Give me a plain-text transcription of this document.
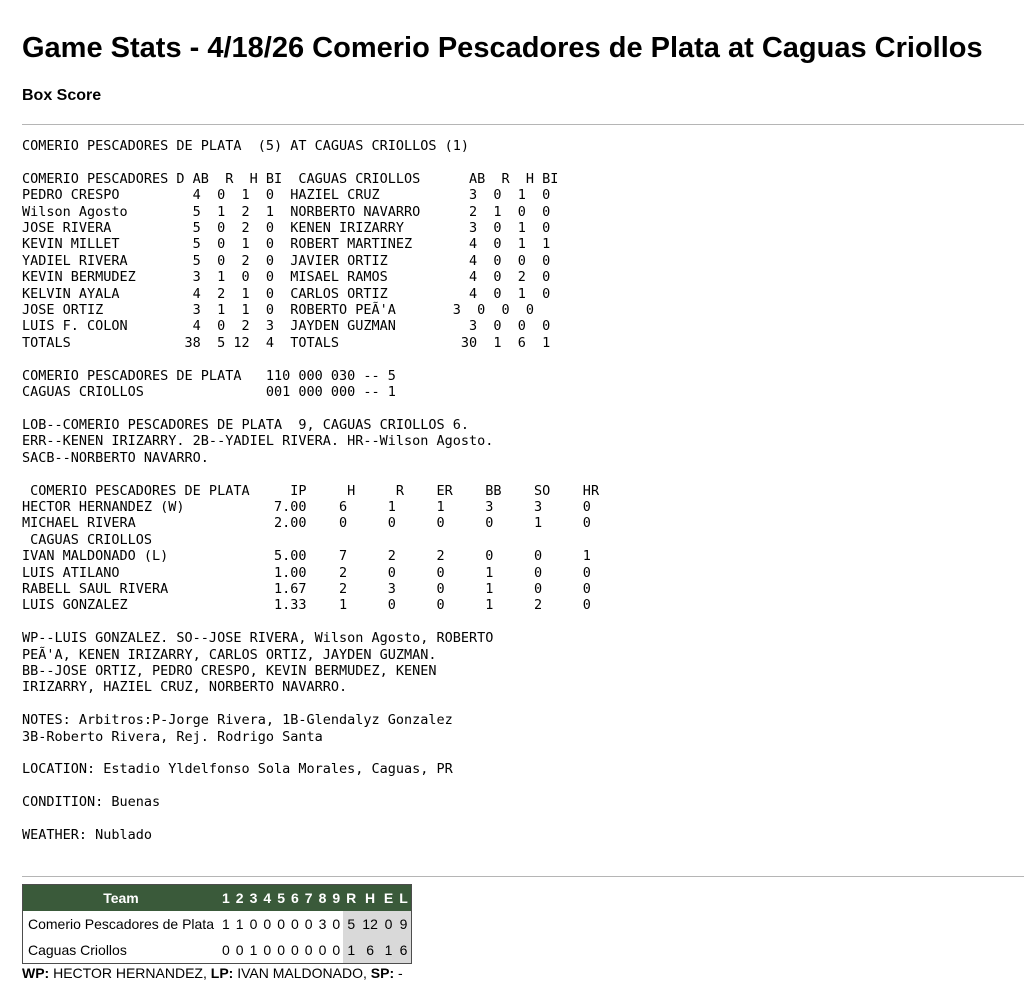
Game Stats - 4/18/26 Comerio Pescadores de Plata at Caguas Criollos
Box Score
COMERIO PESCADORES DE PLATA  (5) AT CAGUAS CRIOLLOS (1)

COMERIO PESCADORES D AB  R  H BI  CAGUAS CRIOLLOS      AB  R  H BI
PEDRO CRESPO         4  0  1  0  HAZIEL CRUZ           3  0  1  0
Wilson Agosto        5  1  2  1  NORBERTO NAVARRO      2  1  0  0
JOSE RIVERA          5  0  2  0  KENEN IRIZARRY        3  0  1  0
KEVIN MILLET         5  0  1  0  ROBERT MARTINEZ       4  0  1  1
YADIEL RIVERA        5  0  2  0  JAVIER ORTIZ          4  0  0  0
KEVIN BERMUDEZ       3  1  0  0  MISAEL RAMOS          4  0  2  0
KELVIN AYALA         4  2  1  0  CARLOS ORTIZ          4  0  1  0
JOSE ORTIZ           3  1  1  0  ROBERTO PEÃ'A       3  0  0  0
LUIS F. COLON        4  0  2  3  JAYDEN GUZMAN         3  0  0  0
TOTALS              38  5 12  4  TOTALS               30  1  6  1

COMERIO PESCADORES DE PLATA   110 000 030 -- 5
CAGUAS CRIOLLOS               001 000 000 -- 1

LOB--COMERIO PESCADORES DE PLATA  9, CAGUAS CRIOLLOS 6.
ERR--KENEN IRIZARRY. 2B--YADIEL RIVERA. HR--Wilson Agosto.
SACB--NORBERTO NAVARRO.

COMERIO PESCADORES DE PLATA     IP     H     R    ER    BB    SO    HR
HECTOR HERNANDEZ (W)           7.00    6     1     1     3     3     0
MICHAEL RIVERA                 2.00    0     0     0     0     1     0
CAGUAS CRIOLLOS
IVAN MALDONADO (L)             5.00    7     2     2     0     0     1
LUIS ATILANO                   1.00    2     0     0     1     0     0
RABELL SAUL RIVERA             1.67    2     3     0     1     0     0
LUIS GONZALEZ                  1.33    1     0     0     1     2     0

WP--LUIS GONZALEZ. SO--JOSE RIVERA, Wilson Agosto, ROBERTO
PEÃ'A, KENEN IRIZARRY, CARLOS ORTIZ, JAYDEN GUZMAN.
BB--JOSE ORTIZ, PEDRO CRESPO, KEVIN BERMUDEZ, KENEN
IRIZARRY, HAZIEL CRUZ, NORBERTO NAVARRO.

NOTES: Arbitros:P-Jorge Rivera, 1B-Glendalyz Gonzalez
3B-Roberto Rivera, Rej. Rodrigo Santa

LOCATION: Estadio Yldelfonso Sola Morales, Caguas, PR

CONDITION: Buenas

WEATHER: Nublado

Team	1	2	3	4	5	6	7	8	9	R	H	E	L
Comerio Pescadores de Plata	1	1	0	0	0	0	0	3	0	5	12	0	9
Caguas Criollos	0	0	1	0	0	0	0	0	0	1	6	1	6
WP: HECTOR HERNANDEZ, LP: IVAN MALDONADO, SP: -
